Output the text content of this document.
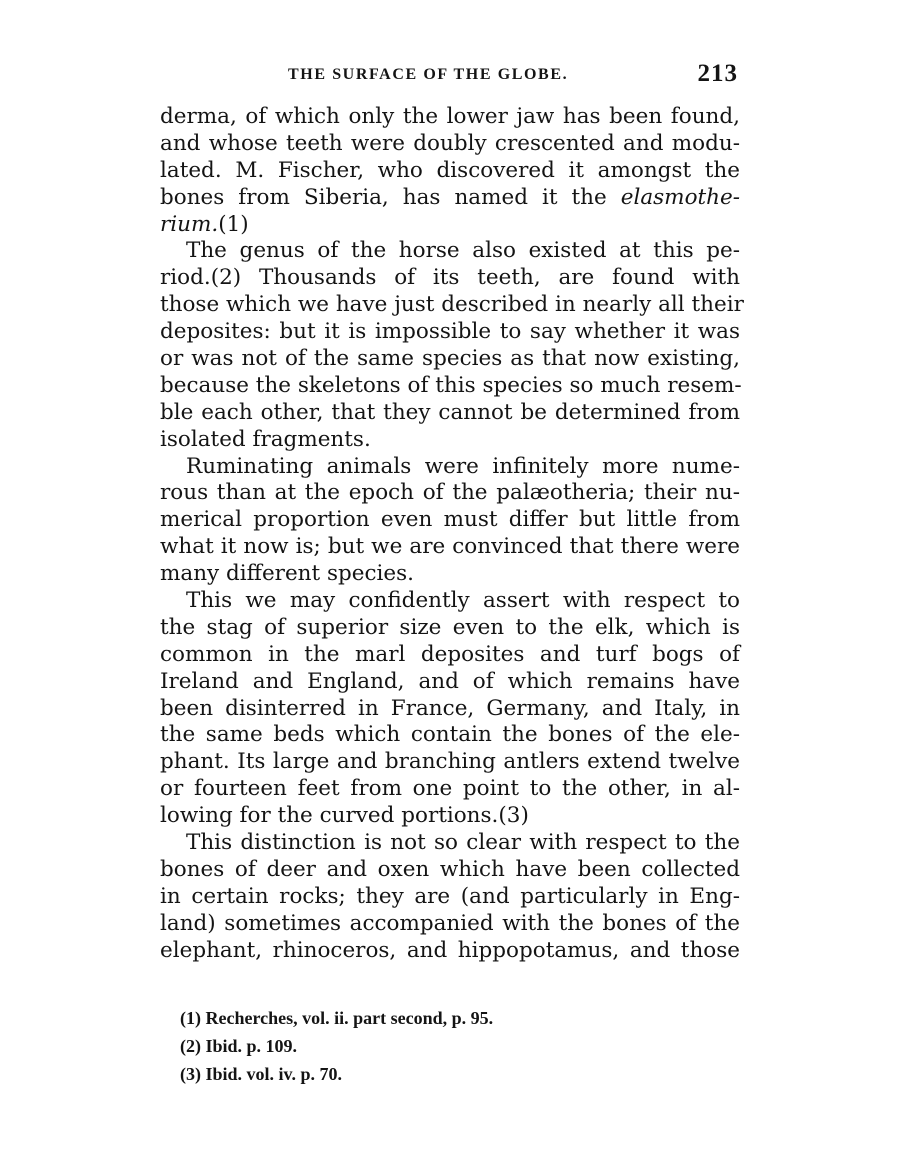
THE SURFACE OF THE GLOBE.	213
derma, of which only the lower jaw has been found,
and whose teeth were doubly crescented and modu-
lated. M. Fischer, who discovered it amongst the
bones from Siberia, has named it the elasmothe-
rium.(1)
The genus of the horse also existed at this pe-
riod.(2) Thousands of its teeth, are found with
those which we have just described in nearly all their
deposites: but it is impossible to say whether it was
or was not of the same species as that now existing,
because the skeletons of this species so much resem-
ble each other, that they cannot be determined from
isolated fragments.
Ruminating animals were infinitely more nume-
rous than at the epoch of the palæotheria; their nu-
merical proportion even must differ but little from
what it now is; but we are convinced that there were
many different species.
This we may confidently assert with respect to
the stag of superior size even to the elk, which is
common in the marl deposites and turf bogs of
Ireland and England, and of which remains have
been disinterred in France, Germany, and Italy, in
the same beds which contain the bones of the ele-
phant. Its large and branching antlers extend twelve
or fourteen feet from one point to the other, in al-
lowing for the curved portions.(3)
This distinction is not so clear with respect to the
bones of deer and oxen which have been collected
in certain rocks; they are (and particularly in Eng-
land) sometimes accompanied with the bones of the
elephant, rhinoceros, and hippopotamus, and those
(1) Recherches, vol. ii. part second, p. 95.
(2) Ibid. p. 109.
(3) Ibid. vol. iv. p. 70.
